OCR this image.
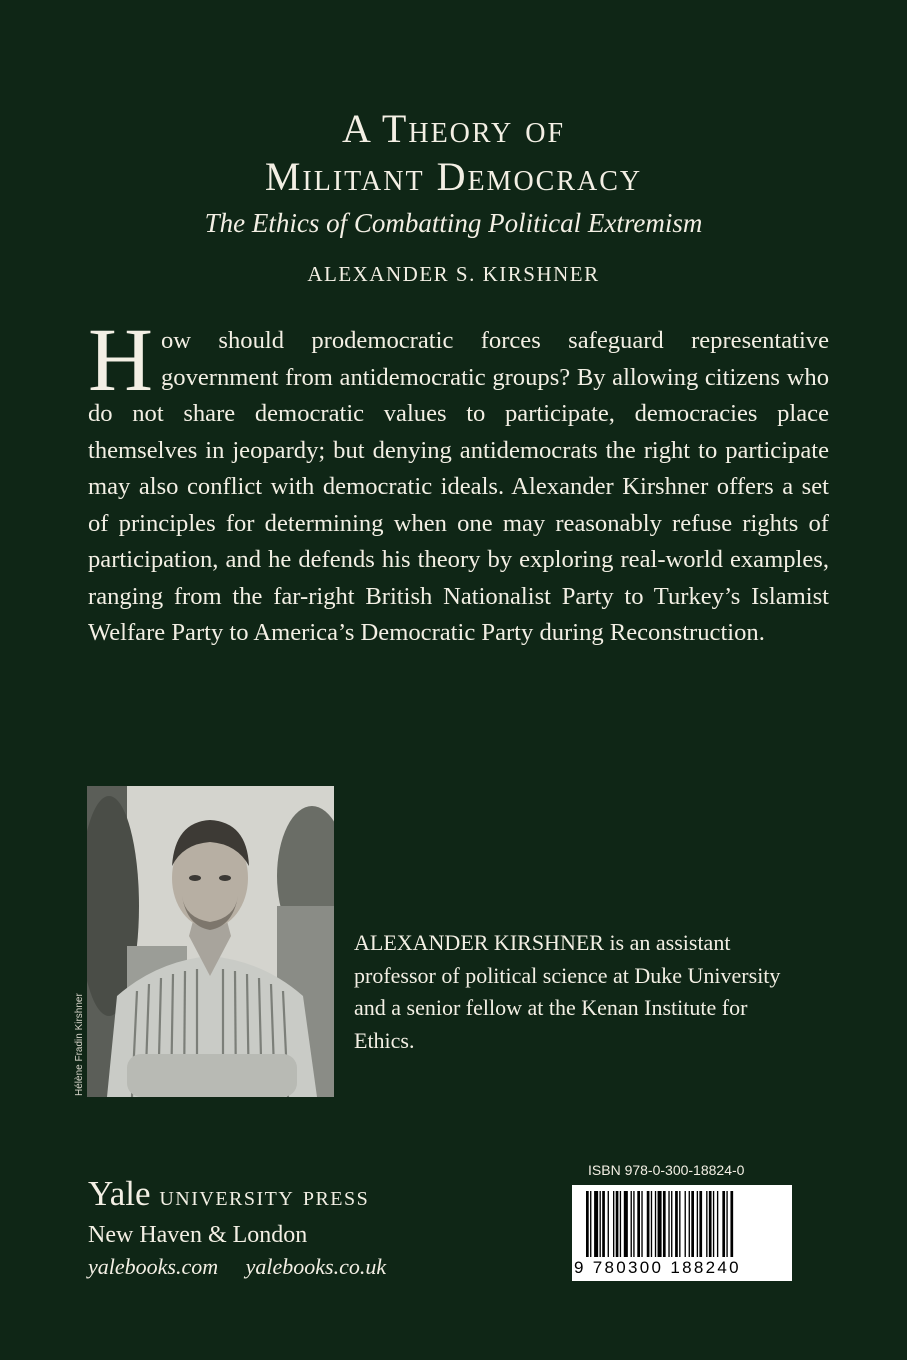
A Theory of
Militant Democracy
The Ethics of Combatting Political Extremism
ALEXANDER S. KIRSHNER
H ow should prodemocratic forces safeguard representative government from antidemocratic groups? By allowing citizens who do not share democratic values to participate, democracies place themselves in jeopardy; but denying antidemocrats the right to participate may also conflict with democratic ideals. Alexander Kirshner offers a set of principles for determining when one may reasonably refuse rights of participation, and he defends his theory by exploring real-world examples, ranging from the far-right British Nationalist Party to Turkey’s Islamist Welfare Party to America’s Democratic Party during Reconstruction.
Hélène Fradin Kirshner
ALEXANDER KIRSHNER is an assistant professor of political science at Duke University and a senior fellow at the Kenan Institute for Ethics.
Yale university press
New Haven & London
yalebooks.com yalebooks.co.uk
ISBN 978-0-300-18824-0
9 780300 188240
